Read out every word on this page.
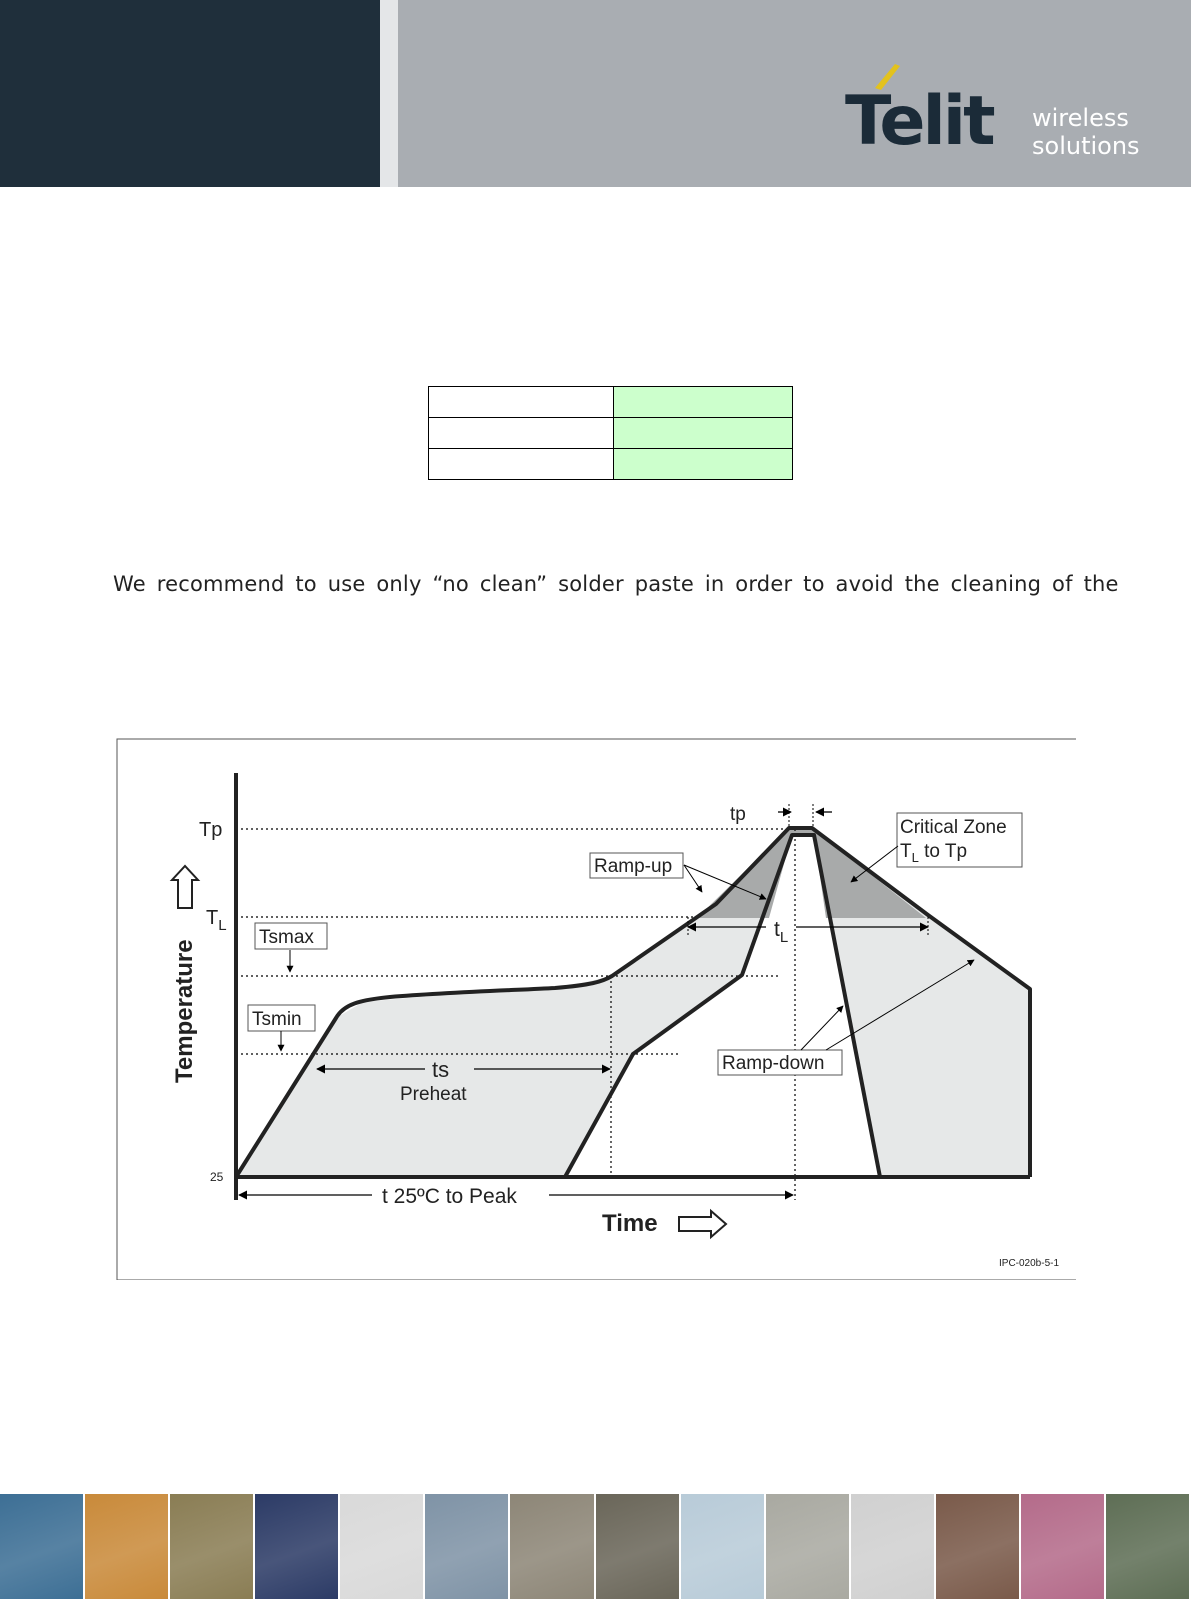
Telit wireless
solutions

We recommend to use only “no clean” solder paste in order to avoid the cleaning of the
Tp
$T_L$
25
Temperature
Time
Tsmax
Tsmin
ts
Preheat
t 25ºC to Peak
$t_L$
tp
Ramp-up
Ramp-down
Critical Zone
$T_L$ to Tp
IPC-020b-5-1
